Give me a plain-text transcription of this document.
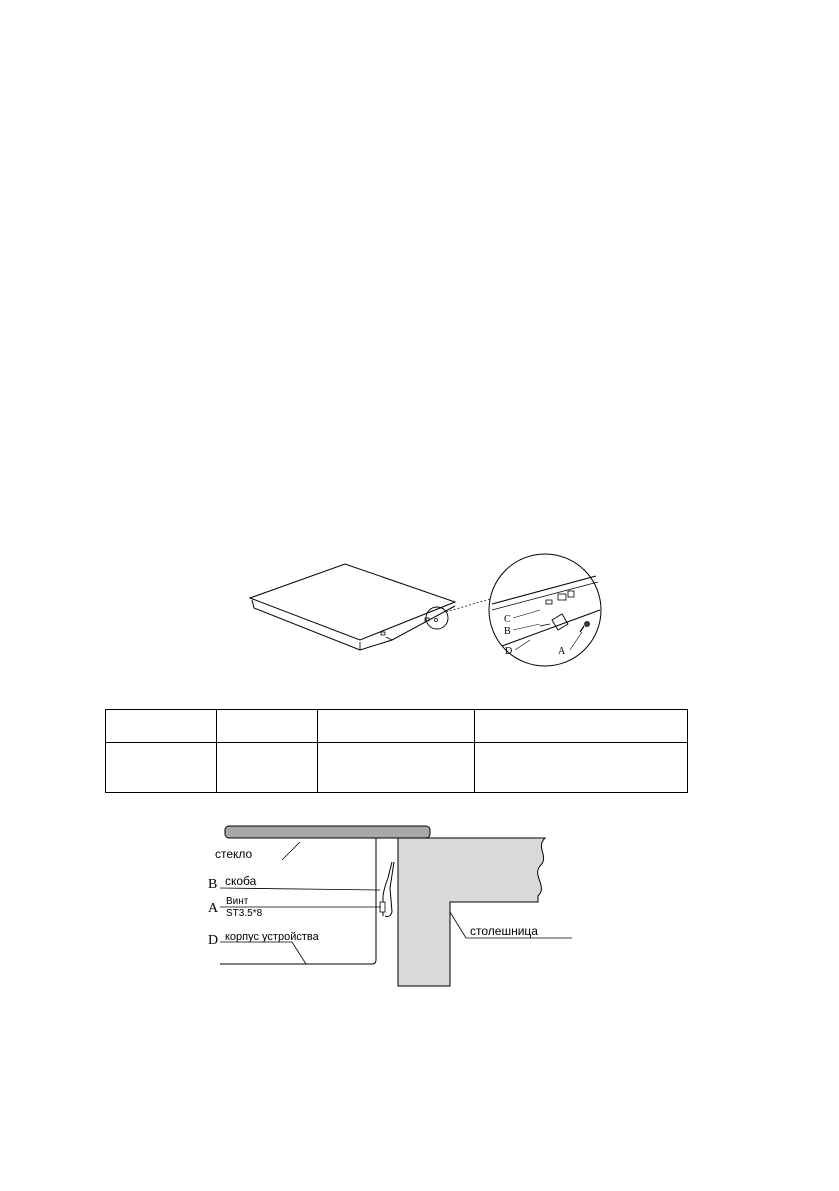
C
B
D	A

стекло
B скоба
A Винт
ST3.5*8
D корпус устройства	столешница
